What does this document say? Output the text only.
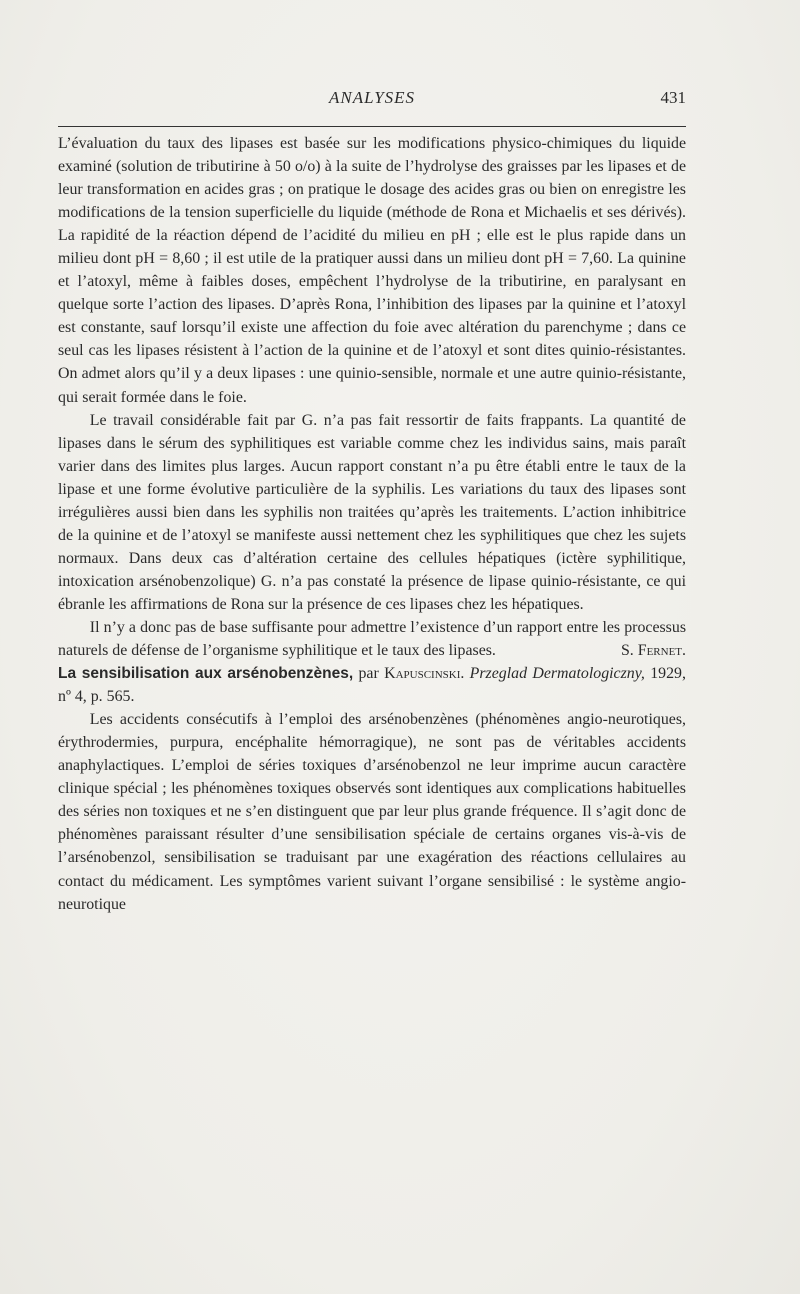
ANALYSES	431

L’évaluation du taux des lipases est basée sur les modifications physico-chimiques du liquide examiné (solution de tributirine à 50 o/o) à la suite de l’hydrolyse des graisses par les lipases et de leur transformation en acides gras ; on pratique le dosage des acides gras ou bien on enregistre les modifications de la tension superficielle du liquide (méthode de Rona et Michaelis et ses dérivés). La rapidité de la réaction dépend de l’acidité du milieu en pH ; elle est le plus rapide dans un milieu dont pH = 8,60 ; il est utile de la pratiquer aussi dans un milieu dont pH = 7,60. La quinine et l’atoxyl, même à faibles doses, empêchent l’hydrolyse de la tributirine, en paralysant en quelque sorte l’action des lipases. D’après Rona, l’inhibition des lipases par la quinine et l’atoxyl est constante, sauf lorsqu’il existe une affection du foie avec altération du parenchyme ; dans ce seul cas les lipases résistent à l’action de la quinine et de l’atoxyl et sont dites quinio-résistantes. On admet alors qu’il y a deux lipases : une quinio-sensible, normale et une autre quinio-résistante, qui serait formée dans le foie.

Le travail considérable fait par G. n’a pas fait ressortir de faits frappants. La quantité de lipases dans le sérum des syphilitiques est variable comme chez les individus sains, mais paraît varier dans des limites plus larges. Aucun rapport constant n’a pu être établi entre le taux de la lipase et une forme évolutive particulière de la syphilis. Les variations du taux des lipases sont irrégulières aussi bien dans les syphilis non traitées qu’après les traitements. L’action inhibitrice de la quinine et de l’atoxyl se manifeste aussi nettement chez les syphilitiques que chez les sujets normaux. Dans deux cas d’altération certaine des cellules hépatiques (ictère syphilitique, intoxication arsénobenzolique) G. n’a pas constaté la présence de lipase quinio-résistante, ce qui ébranle les affirmations de Rona sur la présence de ces lipases chez les hépatiques.

Il n’y a donc pas de base suffisante pour admettre l’existence d’un rapport entre les processus naturels de défense de l’organisme syphilitique et le taux des lipases.	S. Fernet.

La sensibilisation aux arsénobenzènes, par Kapuscinski. Przeglad Dermatologiczny, 1929, nº 4, p. 565.

Les accidents consécutifs à l’emploi des arsénobenzènes (phénomènes angio-neurotiques, érythrodermies, purpura, encéphalite hémorragique), ne sont pas de véritables accidents anaphylactiques. L’emploi de séries toxiques d’arsénobenzol ne leur imprime aucun caractère clinique spécial ; les phénomènes toxiques observés sont identiques aux complications habituelles des séries non toxiques et ne s’en distinguent que par leur plus grande fréquence. Il s’agit donc de phénomènes paraissant résulter d’une sensibilisation spéciale de certains organes vis-à-vis de l’arsénobenzol, sensibilisation se traduisant par une exagération des réactions cellulaires au contact du médicament. Les symptômes varient suivant l’organe sensibilisé : le système angio-neurotique
